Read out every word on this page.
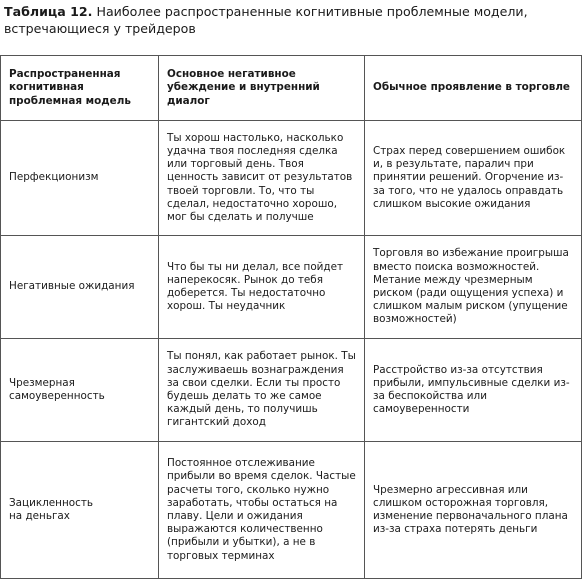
Таблица 12. Наиболее распространенные когнитивные проблемные модели, встречающиеся у трейдеров
Распространенная когнитивная проблемная модель	Основное негативное убеждение и внутренний диалог	Обычное проявление в торговле
Перфекционизм	Ты хорош настолько, насколько удачна твоя последняя сделка или торговый день. Твоя ценность зависит от результатов твоей торговли. То, что ты сделал, недостаточно хорошо, мог бы сделать и получше	Страх перед совершением ошибок и, в результате, паралич при принятии решений. Огорчение из-за того, что не удалось оправдать слишком высокие ожидания
Негативные ожидания	Что бы ты ни делал, все пойдет наперекосяк. Рынок до тебя доберется. Ты недостаточно хорош. Ты неудачник	Торговля во избежание проигрыша вместо поиска возможностей. Метание между чрезмерным риском (ради ощущения успеха) и слишком малым риском (упущение возможностей)
Чрезмерная самоуверенность	Ты понял, как работает рынок. Ты заслуживаешь вознаграждения за свои сделки. Если ты просто будешь делать то же самое каждый день, то получишь гигантский доход	Расстройство из-за отсутствия прибыли, импульсивные сделки из-за беспокойства или самоуверенности
Зацикленность
на деньгах	Постоянное отслеживание прибыли во время сделок. Частые расчеты того, сколько нужно заработать, чтобы остаться на плаву. Цели и ожидания выражаются количественно (прибыли и убытки), а не в торговых терминах	Чрезмерно агрессивная или слишком осторожная торговля, изменение первоначального плана из-за страха потерять деньги
